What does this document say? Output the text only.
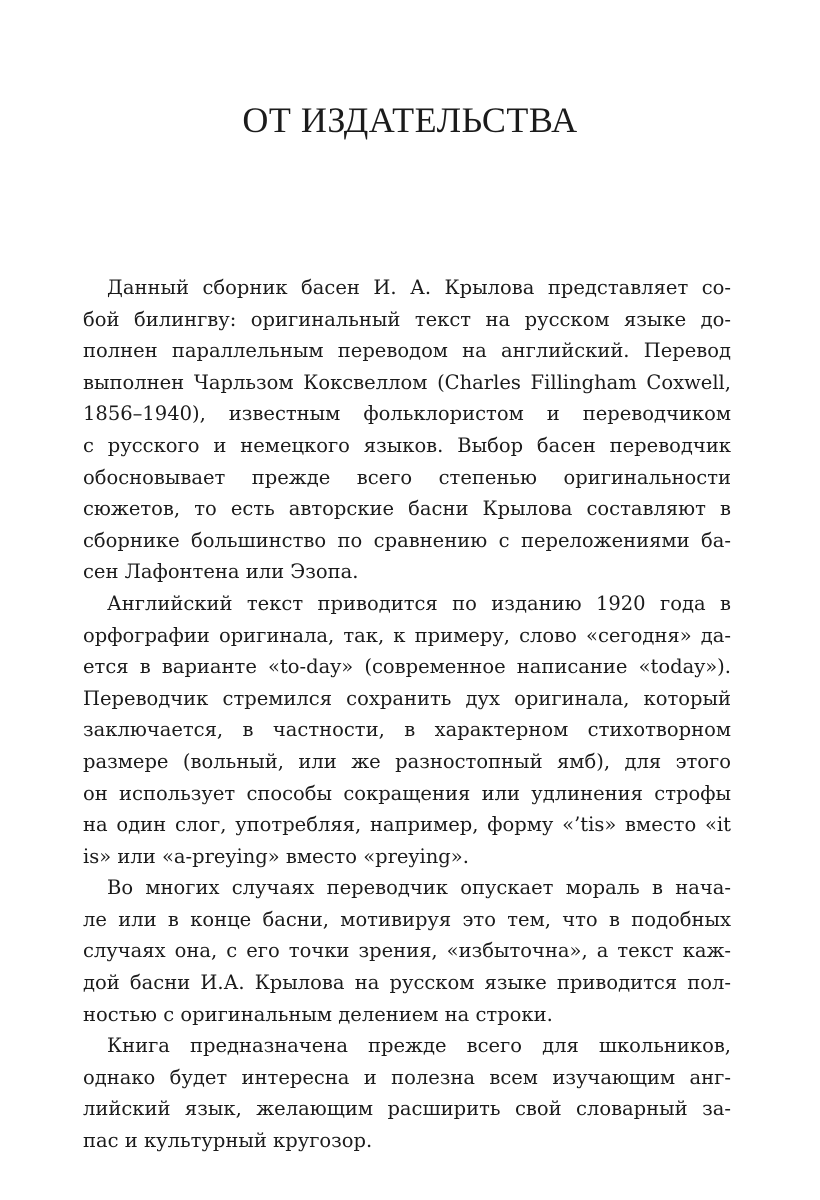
ОТ ИЗДАТЕЛЬСТВА

Данный сборник басен И. А. Крылова представляет со-
бой билингву: оригинальный текст на русском языке до-
полнен параллельным переводом на английский. Перевод
выполнен Чарльзом Коксвеллом (Charles Fillingham Coxwell,
1856–1940), известным фольклористом и переводчиком
с русского и немецкого языков. Выбор басен переводчик
обосновывает прежде всего степенью оригинальности
сюжетов, то есть авторские басни Крылова составляют в
сборнике большинство по сравнению с переложениями ба-
сен Лафонтена или Эзопа.

Английский текст приводится по изданию 1920 года в
орфографии оригинала, так, к примеру, слово «сегодня» да-
ется в варианте «to-day» (современное написание «today»).
Переводчик стремился сохранить дух оригинала, который
заключается, в частности, в характерном стихотворном
размере (вольный, или же разностопный ямб), для этого
он использует способы сокращения или удлинения строфы
на один слог, употребляя, например, форму «’tis» вместо «it
is» или «a-preying» вместо «preying».

Во многих случаях переводчик опускает мораль в нача-
ле или в конце басни, мотивируя это тем, что в подобных
случаях она, с его точки зрения, «избыточна», а текст каж-
дой басни И.А. Крылова на русском языке приводится пол-
ностью с оригинальным делением на строки.

Книга предназначена прежде всего для школьников,
однако будет интересна и полезна всем изучающим анг-
лийский язык, желающим расширить свой словарный за-
пас и культурный кругозор.
